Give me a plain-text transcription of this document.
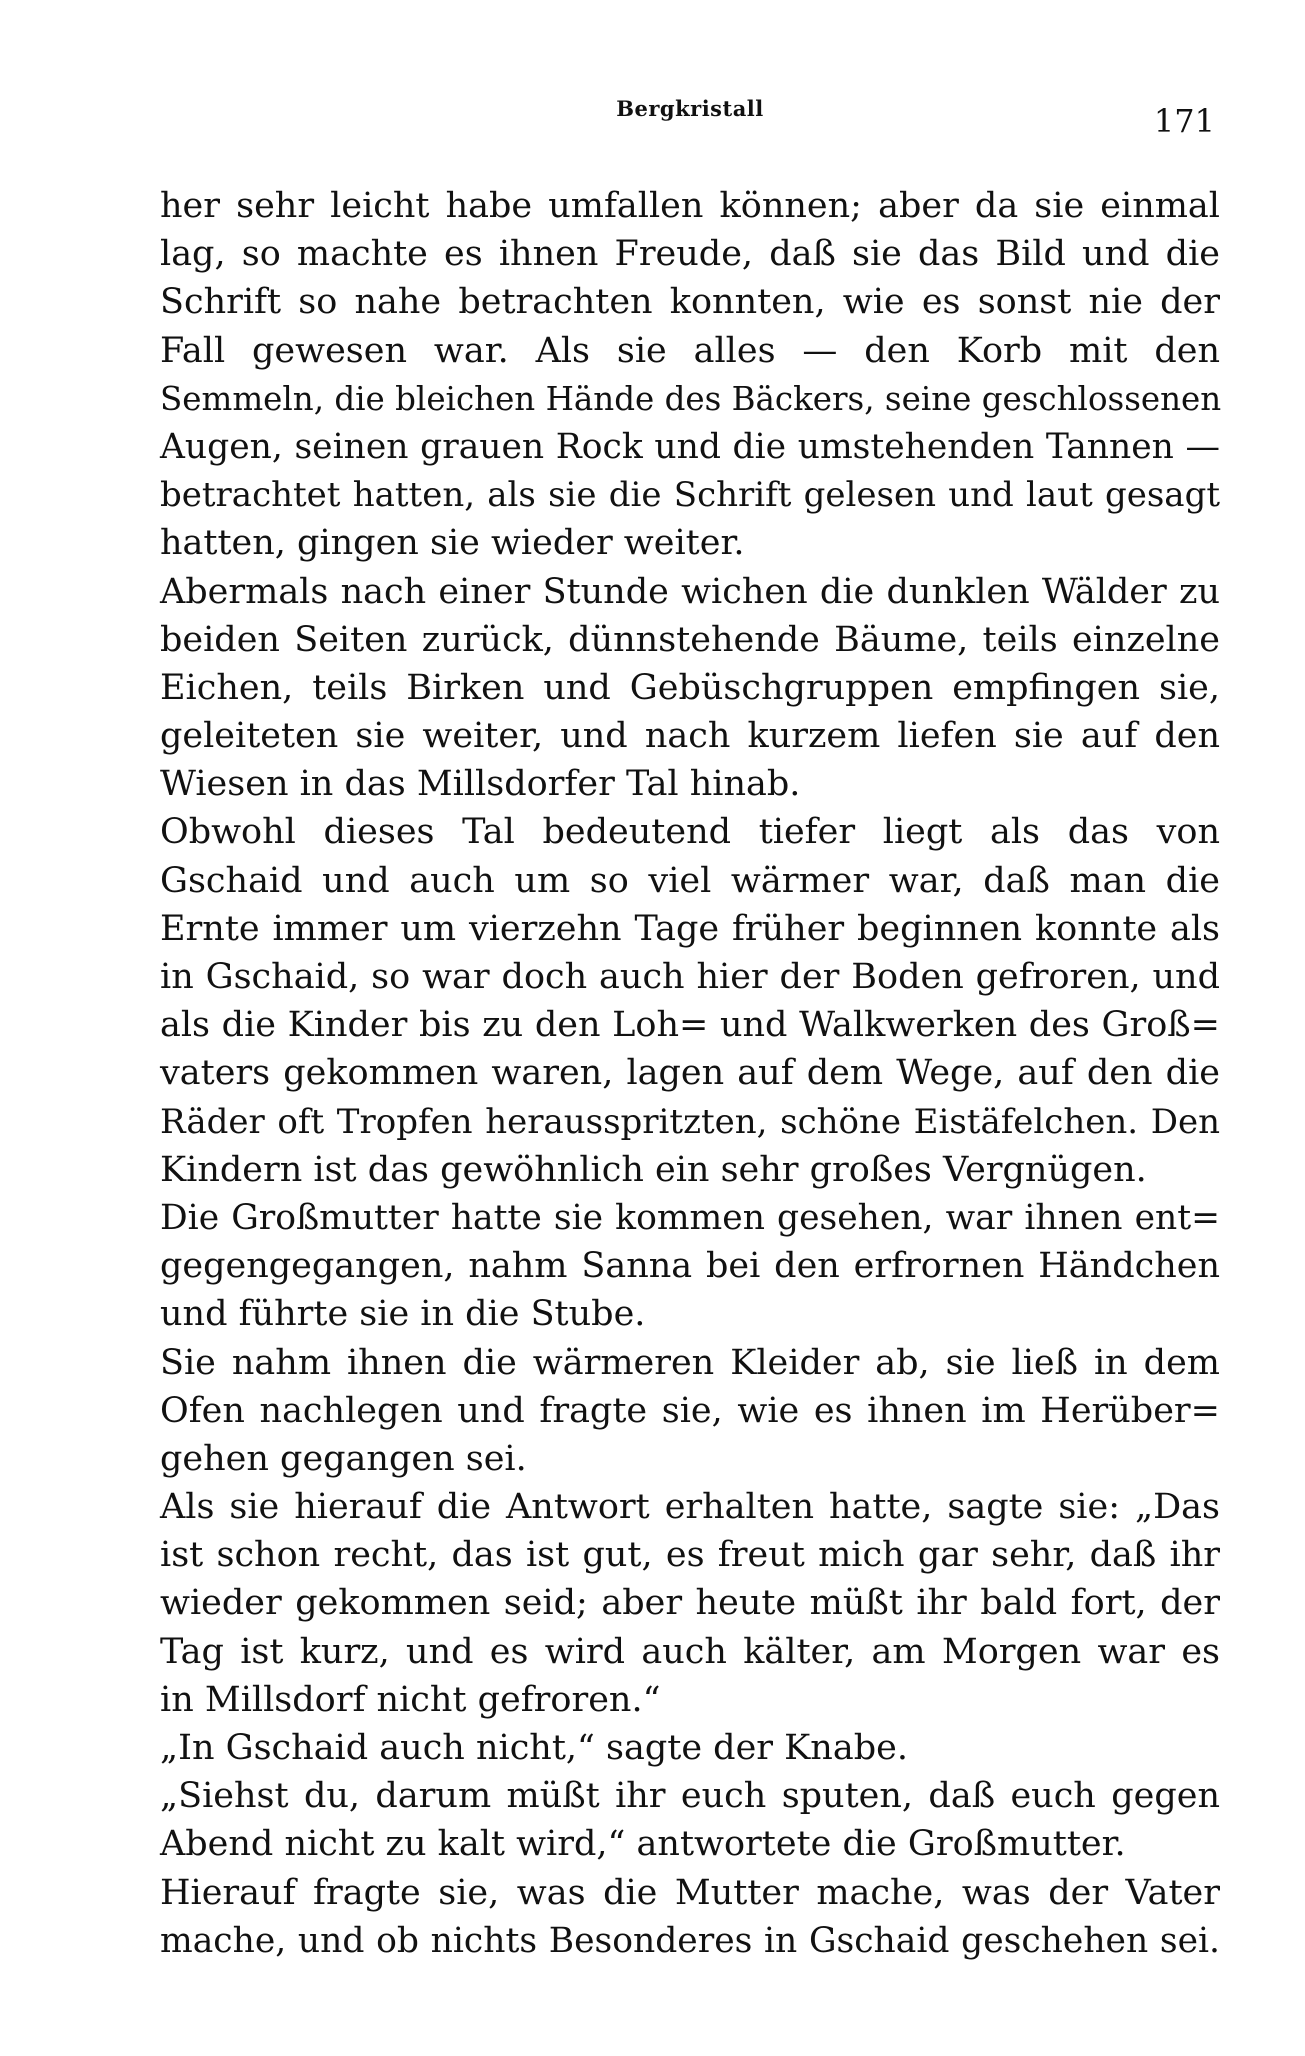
Bergkristall	171
her sehr leicht habe umfallen können; aber da sie einmal
lag, so machte es ihnen Freude, daß sie das Bild und die
Schrift so nahe betrachten konnten, wie es sonst nie der
Fall gewesen war. Als sie alles — den Korb mit den
Semmeln, die bleichen Hände des Bäckers, seine geschlossenen
Augen, seinen grauen Rock und die umstehenden Tannen —
betrachtet hatten, als sie die Schrift gelesen und laut gesagt
hatten, gingen sie wieder weiter.
Abermals nach einer Stunde wichen die dunklen Wälder zu
beiden Seiten zurück, dünnstehende Bäume, teils einzelne
Eichen, teils Birken und Gebüschgruppen empfingen sie,
geleiteten sie weiter, und nach kurzem liefen sie auf den
Wiesen in das Millsdorfer Tal hinab.
Obwohl dieses Tal bedeutend tiefer liegt als das von
Gschaid und auch um so viel wärmer war, daß man die
Ernte immer um vierzehn Tage früher beginnen konnte als
in Gschaid, so war doch auch hier der Boden gefroren, und
als die Kinder bis zu den Loh= und Walkwerken des Groß=
vaters gekommen waren, lagen auf dem Wege, auf den die
Räder oft Tropfen herausspritzten, schöne Eistäfelchen. Den
Kindern ist das gewöhnlich ein sehr großes Vergnügen.
Die Großmutter hatte sie kommen gesehen, war ihnen ent=
gegengegangen, nahm Sanna bei den erfrornen Händchen
und führte sie in die Stube.
Sie nahm ihnen die wärmeren Kleider ab, sie ließ in dem
Ofen nachlegen und fragte sie, wie es ihnen im Herüber=
gehen gegangen sei.
Als sie hierauf die Antwort erhalten hatte, sagte sie: „Das
ist schon recht, das ist gut, es freut mich gar sehr, daß ihr
wieder gekommen seid; aber heute müßt ihr bald fort, der
Tag ist kurz, und es wird auch kälter, am Morgen war es
in Millsdorf nicht gefroren.“
„In Gschaid auch nicht,“ sagte der Knabe.
„Siehst du, darum müßt ihr euch sputen, daß euch gegen
Abend nicht zu kalt wird,“ antwortete die Großmutter.
Hierauf fragte sie, was die Mutter mache, was der Vater
mache, und ob nichts Besonderes in Gschaid geschehen sei.
